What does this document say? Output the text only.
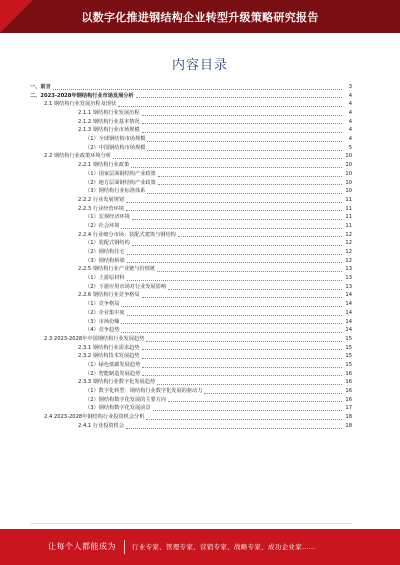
以数字化推进钢结构企业转型升级策略研究报告
内容目录
一、前言	3
二、2023-2028年钢结构行业市场发展分析	4
2.1 钢结构行业发展历程及现状	4
2.1.1 钢结构行业发展历程	4
2.1.2 钢结构行业基本情况	4
2.1.3 钢结构行业市场规模	4
（1）全球钢结构市场规模	4
（2）中国钢结构市场规模	5
2.2 钢结构行业政策环境分析	10
2.2.1 钢结构行业政策	10
（1）国家层面钢结构产业政策	10
（2）地方层面钢结构产业政策	10
（3）钢结构行业标准体系	10
2.2.2 行业发展规划	11
2.2.3 行业经营环境	11
（1）宏观经济环境	11
（2）社会环境	11
2.2.4 行业细分市场：装配式建筑与钢结构	12
（1）装配式钢结构	12
（2）钢结构住宅	12
（3）钢结构桥梁	12
2.2.5 钢结构行业产业链与价值链	13
（1）上游原材料	13
（2）下游应用市场对行业发展影响	13
2.2.6 钢结构行业竞争格局	14
（1）竞争格局	14
（2）企业集中度	14
（3）市场份额	14
（4）竞争趋势	14
2.3 2023-2028年中国钢结构行业发展趋势	15
2.3.1 钢结构行业需求趋势	15
2.3.2 钢结构技术发展趋势	15
（1）绿色低碳发展趋势	15
（2）智能制造发展趋势	16
2.3.3 钢结构行业数字化发展趋势	16
（1）数字化转型：钢结构行业数字化发展的驱动力	16
（2）钢结构数字化发展的主要方向	16
（3）钢结构数字化发展前景	17
2.4 2023-2028年钢结构行业投资机会分析	18
2.4.1 行业投资机会	18
让每个人都能成为 行业专家、管理专家、营销专家、战略专家、成功企业家……
